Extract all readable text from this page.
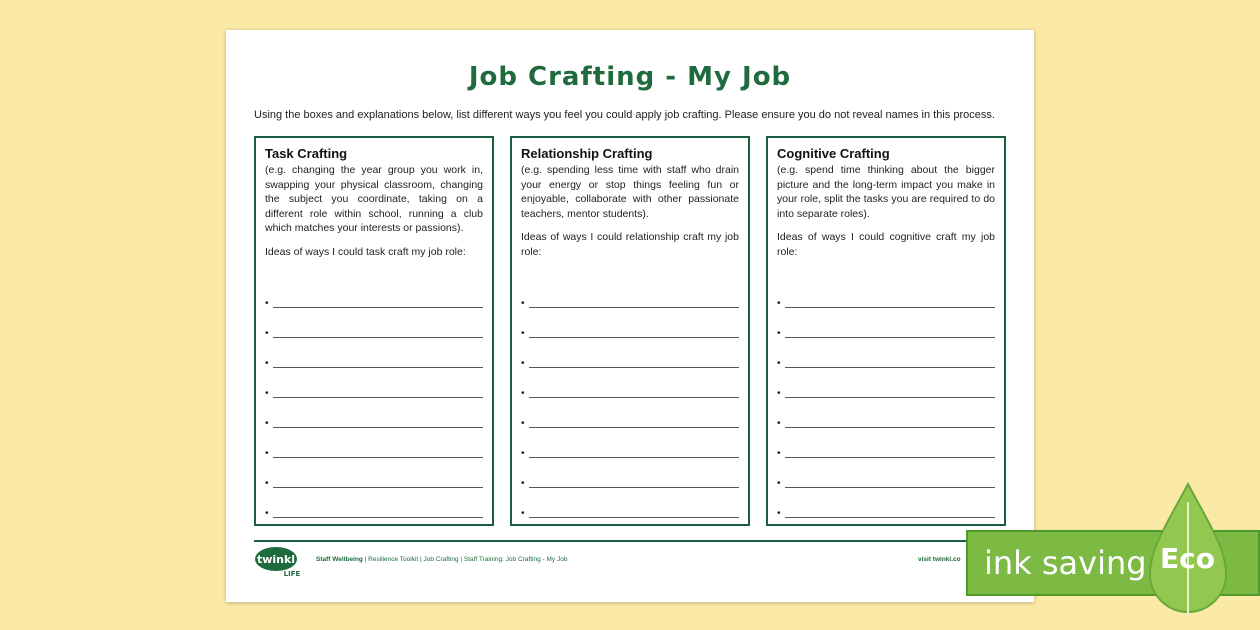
Job Crafting - My Job

Using the boxes and explanations below, list different ways you feel you could apply job crafting. Please ensure you do not reveal names in this process.

Task Crafting

(e.g. changing the year group you work in, swapping your physical classroom, changing the subject you coordinate, taking on a different role within school, running a club which matches your interests or passions).

Ideas of ways I could task craft my job role:

•
•
•
•
•
•
•
•

Relationship Crafting

(e.g. spending less time with staff who drain your energy or stop things feeling fun or enjoyable, collaborate with other passionate teachers, mentor students).

Ideas of ways I could relationship craft my job role:

•
•
•
•
•
•
•
•

Cognitive Crafting

(e.g. spend time thinking about the bigger picture and the long-term impact you make in your role, split the tasks you are required to do into separate roles).

Ideas of ways I could cognitive craft my job role:

•
•
•
•
•
•
•
•
twinkl
LIFE
Staff Wellbeing | Resilience Toolkit | Job Crafting | Staff Training: Job Crafting - My Job	visit twinkl.co ink saving Eco
